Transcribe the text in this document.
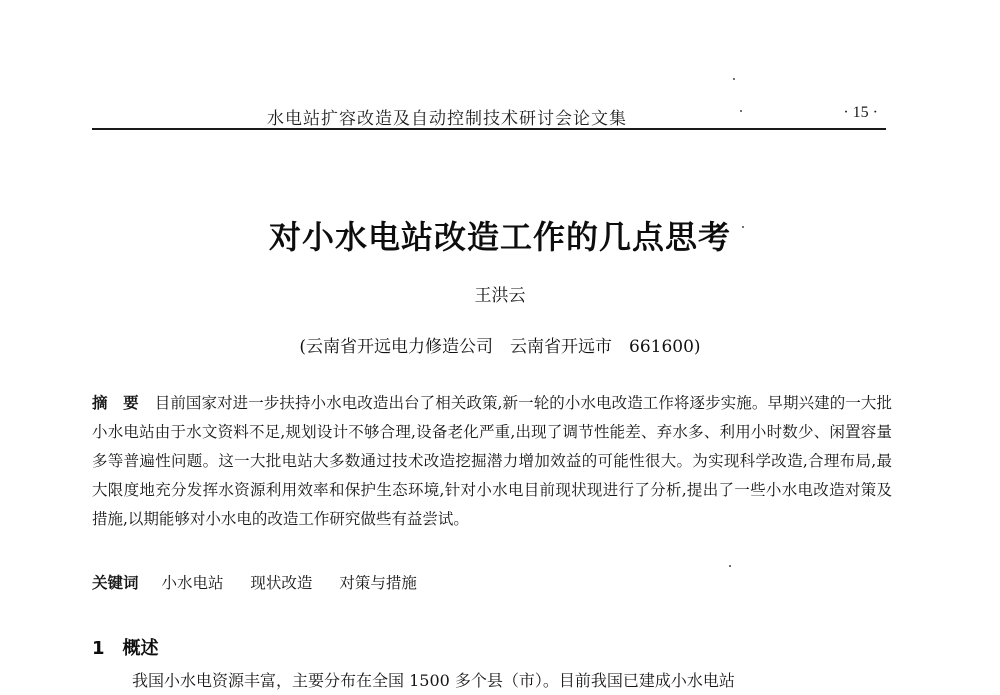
水电站扩容改造及自动控制技术研讨会论文集	· 15 ·
对小水电站改造工作的几点思考
王洪云
(云南省开远电力修造公司　云南省开远市　661600)
摘　要 目前国家对进一步扶持小水电改造出台了相关政策,新一轮的小水电改造工作将逐步实施。早期兴建的一大批小水电站由于水文资料不足,规划设计不够合理,设备老化严重,出现了调节性能差、弃水多、利用小时数少、闲置容量多等普遍性问题。这一大批电站大多数通过技术改造挖掘潜力增加效益的可能性很大。为实现科学改造,合理布局,最大限度地充分发挥水资源利用效率和保护生态环境,针对小水电目前现状现进行了分析,提出了一些小水电改造对策及措施,以期能够对小水电的改造工作研究做些有益尝试。
关键词 小水电站 现状改造 对策与措施
1 概述
我国小水电资源丰富，主要分布在全国 1500 多个县（市）。目前我国已建成小水电站
